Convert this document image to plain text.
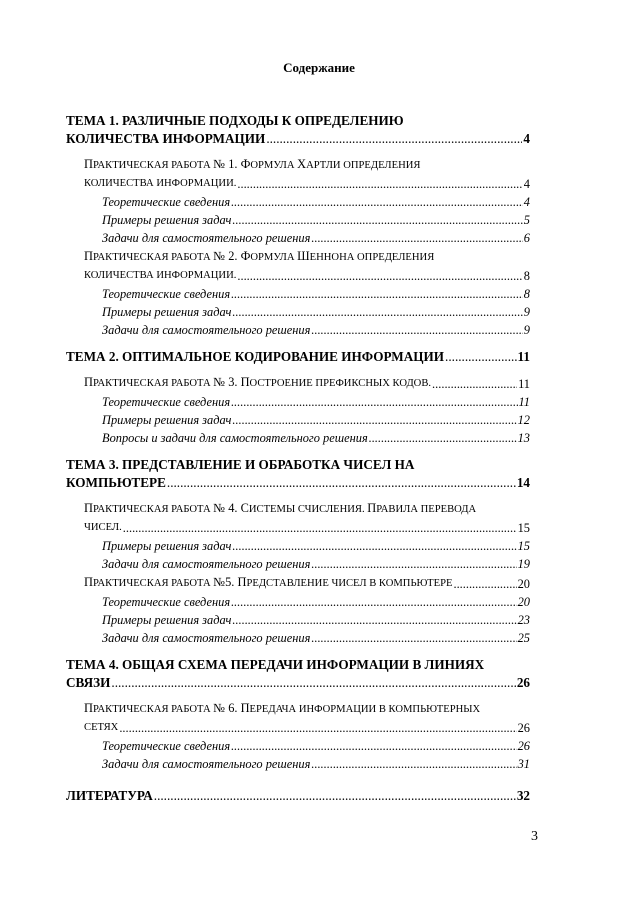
Содержание
ТЕМА 1. РАЗЛИЧНЫЕ ПОДХОДЫ К ОПРЕДЕЛЕНИЮ
КОЛИЧЕСТВА ИНФОРМАЦИИ .....	4
ПРАКТИЧЕСКАЯ РАБОТА № 1. ФОРМУЛА ХАРТЛИ ОПРЕДЕЛЕНИЯ
КОЛИЧЕСТВА ИНФОРМАЦИИ. .....	4
Теоретические сведения .....	4
Примеры решения задач .....	5
Задачи для самостоятельного решения .....	6
ПРАКТИЧЕСКАЯ РАБОТА № 2. ФОРМУЛА ШЕННОНА ОПРЕДЕЛЕНИЯ
КОЛИЧЕСТВА ИНФОРМАЦИИ. .....	8
Теоретические сведения .....	8
Примеры решения задач .....	9
Задачи для самостоятельного решения .....	9
ТЕМА 2. ОПТИМАЛЬНОЕ КОДИРОВАНИЕ ИНФОРМАЦИИ .....	11
ПРАКТИЧЕСКАЯ РАБОТА № 3. ПОСТРОЕНИЕ ПРЕФИКСНЫХ КОДОВ. .....	11
Теоретические сведения .....	11
Примеры решения задач .....	12
Вопросы и задачи для самостоятельного решения .....	13
ТЕМА 3. ПРЕДСТАВЛЕНИЕ И ОБРАБОТКА ЧИСЕЛ НА
КОМПЬЮТЕРЕ .....	14
ПРАКТИЧЕСКАЯ РАБОТА № 4. СИСТЕМЫ СЧИСЛЕНИЯ. ПРАВИЛА ПЕРЕВОДА
ЧИСЕЛ. .....	15
Примеры решения задач .....	15
Задачи для самостоятельного решения .....	19
ПРАКТИЧЕСКАЯ РАБОТА №5. ПРЕДСТАВЛЕНИЕ ЧИСЕЛ В КОМПЬЮТЕРЕ .....	20
Теоретические сведения .....	20
Примеры решения задач .....	23
Задачи для самостоятельного решения .....	25
ТЕМА 4. ОБЩАЯ СХЕМА ПЕРЕДАЧИ ИНФОРМАЦИИ В ЛИНИЯХ
СВЯЗИ .....	26
ПРАКТИЧЕСКАЯ РАБОТА № 6. ПЕРЕДАЧА ИНФОРМАЦИИ В КОМПЬЮТЕРНЫХ
СЕТЯХ .....	26
Теоретические сведения .....	26
Задачи для самостоятельного решения .....	31
ЛИТЕРАТУРА .....	32
3
